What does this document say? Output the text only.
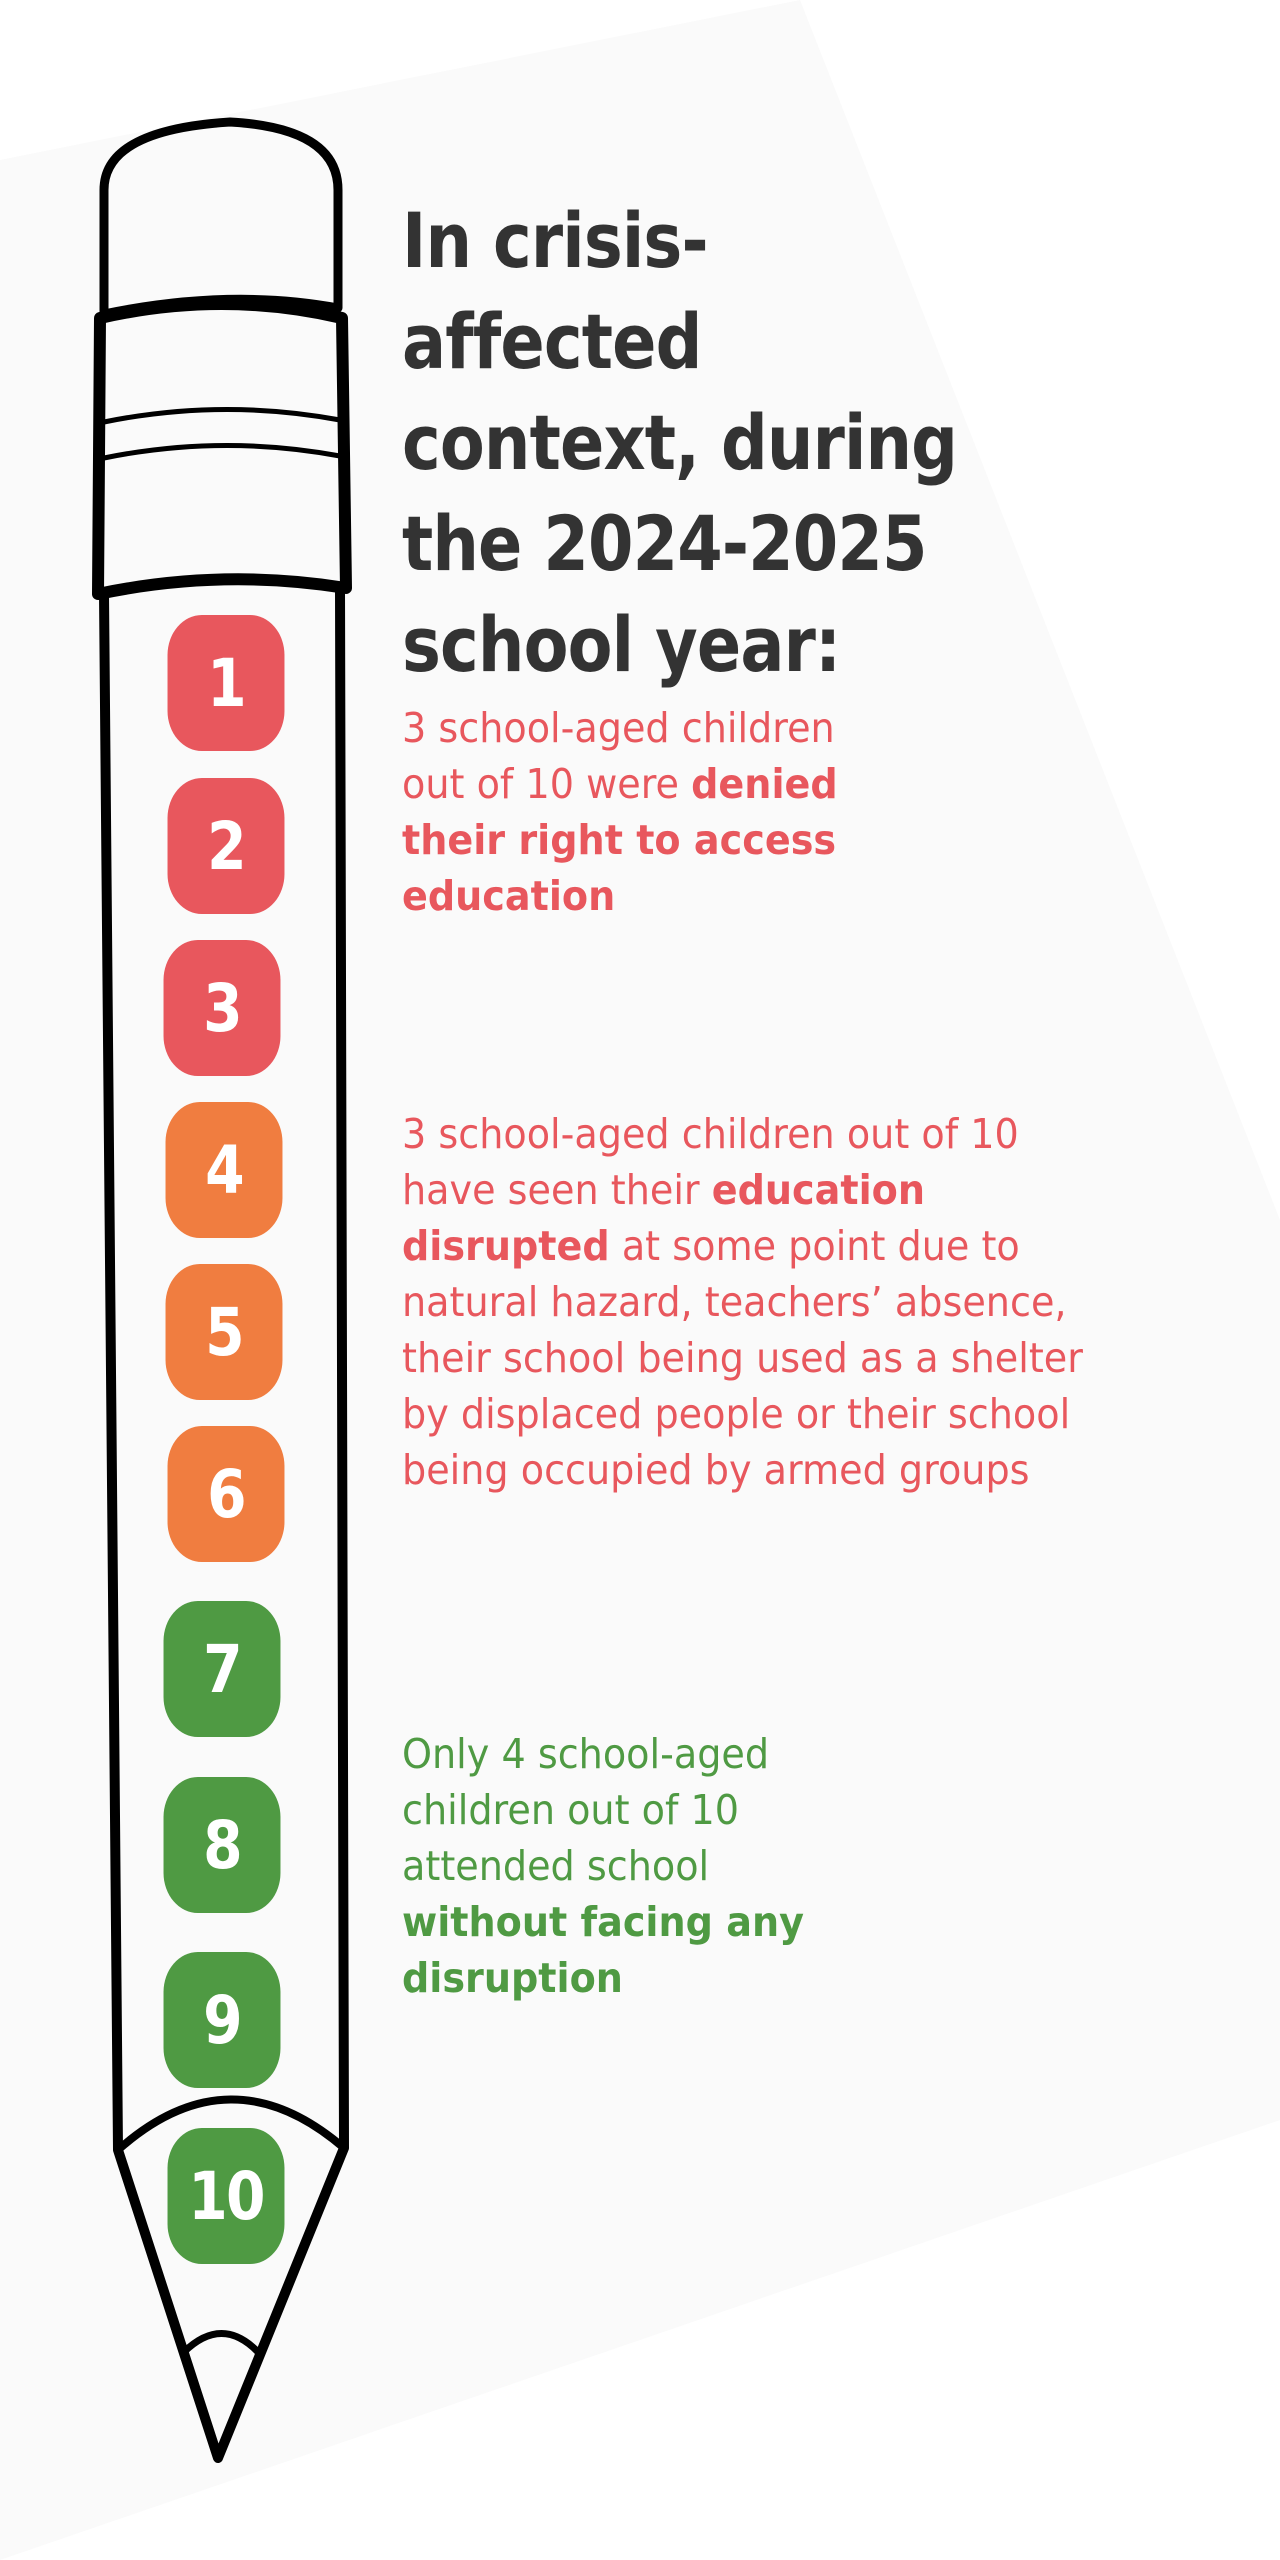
1
2
3
4
5
6
7
8
9
10
In crisis-affected context, during the 2024-2025 school year:

3 school-aged children out of 10 were denied their right to access education

3 school-aged children out of 10 have seen their education disrupted at some point due to natural hazard, teachers’ absence, their school being used as a shelter by displaced people or their school being occupied by armed groups

Only 4 school-aged children out of 10 attended school without facing any disruption
